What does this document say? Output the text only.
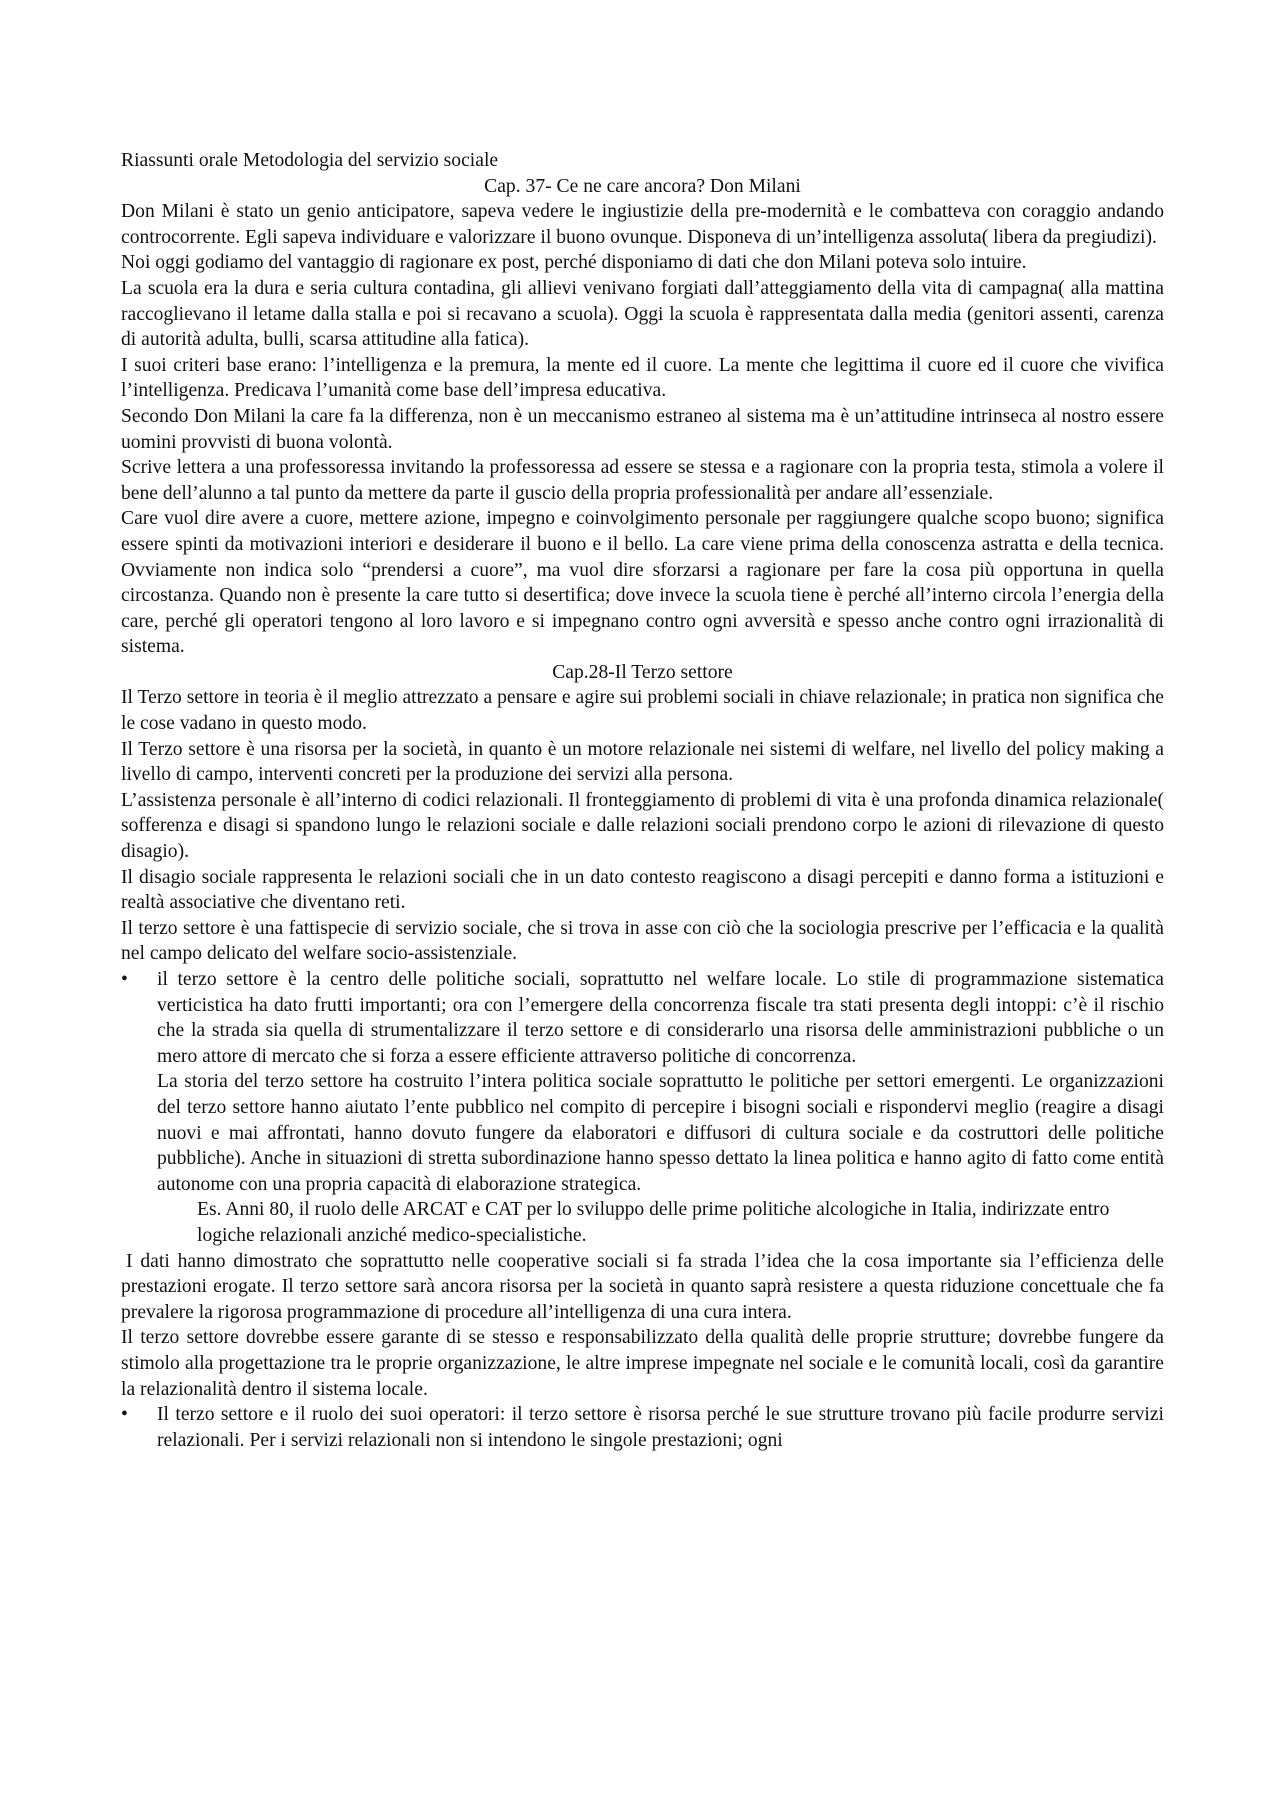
Riassunti orale Metodologia del servizio sociale

Cap. 37- Ce ne care ancora? Don Milani

Don Milani è stato un genio anticipatore, sapeva vedere le ingiustizie della pre-modernità e le combatteva con coraggio andando controcorrente. Egli sapeva individuare e valorizzare il buono ovunque. Disponeva di un’intelligenza assoluta( libera da pregiudizi).

Noi oggi godiamo del vantaggio di ragionare ex post, perché disponiamo di dati che don Milani poteva solo intuire.

La scuola era la dura e seria cultura contadina, gli allievi venivano forgiati dall’atteggiamento della vita di campagna( alla mattina raccoglievano il letame dalla stalla e poi si recavano a scuola). Oggi la scuola è rappresentata dalla media (genitori assenti, carenza di autorità adulta, bulli, scarsa attitudine alla fatica).

I suoi criteri base erano: l’intelligenza e la premura, la mente ed il cuore. La mente che legittima il cuore ed il cuore che vivifica l’intelligenza. Predicava l’umanità come base dell’impresa educativa.

Secondo Don Milani la care fa la differenza, non è un meccanismo estraneo al sistema ma è un’attitudine intrinseca al nostro essere uomini provvisti di buona volontà.

Scrive lettera a una professoressa invitando la professoressa ad essere se stessa e a ragionare con la propria testa, stimola a volere il bene dell’alunno a tal punto da mettere da parte il guscio della propria professionalità per andare all’essenziale.

Care vuol dire avere a cuore, mettere azione, impegno e coinvolgimento personale per raggiungere qualche scopo buono; significa essere spinti da motivazioni interiori e desiderare il buono e il bello. La care viene prima della conoscenza astratta e della tecnica. Ovviamente non indica solo “prendersi a cuore”, ma vuol dire sforzarsi a ragionare per fare la cosa più opportuna in quella circostanza. Quando non è presente la care tutto si desertifica; dove invece la scuola tiene è perché all’interno circola l’energia della care, perché gli operatori tengono al loro lavoro e si impegnano contro ogni avversità e spesso anche contro ogni irrazionalità di sistema.

Cap.28-Il Terzo settore

Il Terzo settore in teoria è il meglio attrezzato a pensare e agire sui problemi sociali in chiave relazionale; in pratica non significa che le cose vadano in questo modo.

Il Terzo settore è una risorsa per la società, in quanto è un motore relazionale nei sistemi di welfare, nel livello del policy making a livello di campo, interventi concreti per la produzione dei servizi alla persona.

L’assistenza personale è all’interno di codici relazionali. Il fronteggiamento di problemi di vita è una profonda dinamica relazionale( sofferenza e disagi si spandono lungo le relazioni sociale e dalle relazioni sociali prendono corpo le azioni di rilevazione di questo disagio).

Il disagio sociale rappresenta le relazioni sociali che in un dato contesto reagiscono a disagi percepiti e danno forma a istituzioni e realtà associative che diventano reti.

Il terzo settore è una fattispecie di servizio sociale, che si trova in asse con ciò che la sociologia prescrive per l’efficacia e la qualità nel campo delicato del welfare socio-assistenziale.

•	il terzo settore è la centro delle politiche sociali, soprattutto nel welfare locale. Lo stile di programmazione sistematica verticistica ha dato frutti importanti; ora con l’emergere della concorrenza fiscale tra stati presenta degli intoppi: c’è il rischio che la strada sia quella di strumentalizzare il terzo settore e di considerarlo una risorsa delle amministrazioni pubbliche o un mero attore di mercato che si forza a essere efficiente attraverso politiche di concorrenza.

La storia del terzo settore ha costruito l’intera politica sociale soprattutto le politiche per settori emergenti. Le organizzazioni del terzo settore hanno aiutato l’ente pubblico nel compito di percepire i bisogni sociali e rispondervi meglio (reagire a disagi nuovi e mai affrontati, hanno dovuto fungere da elaboratori e diffusori di cultura sociale e da costruttori delle politiche pubbliche). Anche in situazioni di stretta subordinazione hanno spesso dettato la linea politica e hanno agito di fatto come entità autonome con una propria capacità di elaborazione strategica.

Es. Anni 80, il ruolo delle ARCAT e CAT per lo sviluppo delle prime politiche alcologiche in Italia, indirizzate entro logiche relazionali anziché medico-specialistiche.

I dati hanno dimostrato che soprattutto nelle cooperative sociali si fa strada l’idea che la cosa importante sia l’efficienza delle prestazioni erogate. Il terzo settore sarà ancora risorsa per la società in quanto saprà resistere a questa riduzione concettuale che fa prevalere la rigorosa programmazione di procedure all’intelligenza di una cura intera.

Il terzo settore dovrebbe essere garante di se stesso e responsabilizzato della qualità delle proprie strutture; dovrebbe fungere da stimolo alla progettazione tra le proprie organizzazione, le altre imprese impegnate nel sociale e le comunità locali, così da garantire la relazionalità dentro il sistema locale.

•	Il terzo settore e il ruolo dei suoi operatori: il terzo settore è risorsa perché le sue strutture trovano più facile produrre servizi relazionali. Per i servizi relazionali non si intendono le singole prestazioni; ogni
